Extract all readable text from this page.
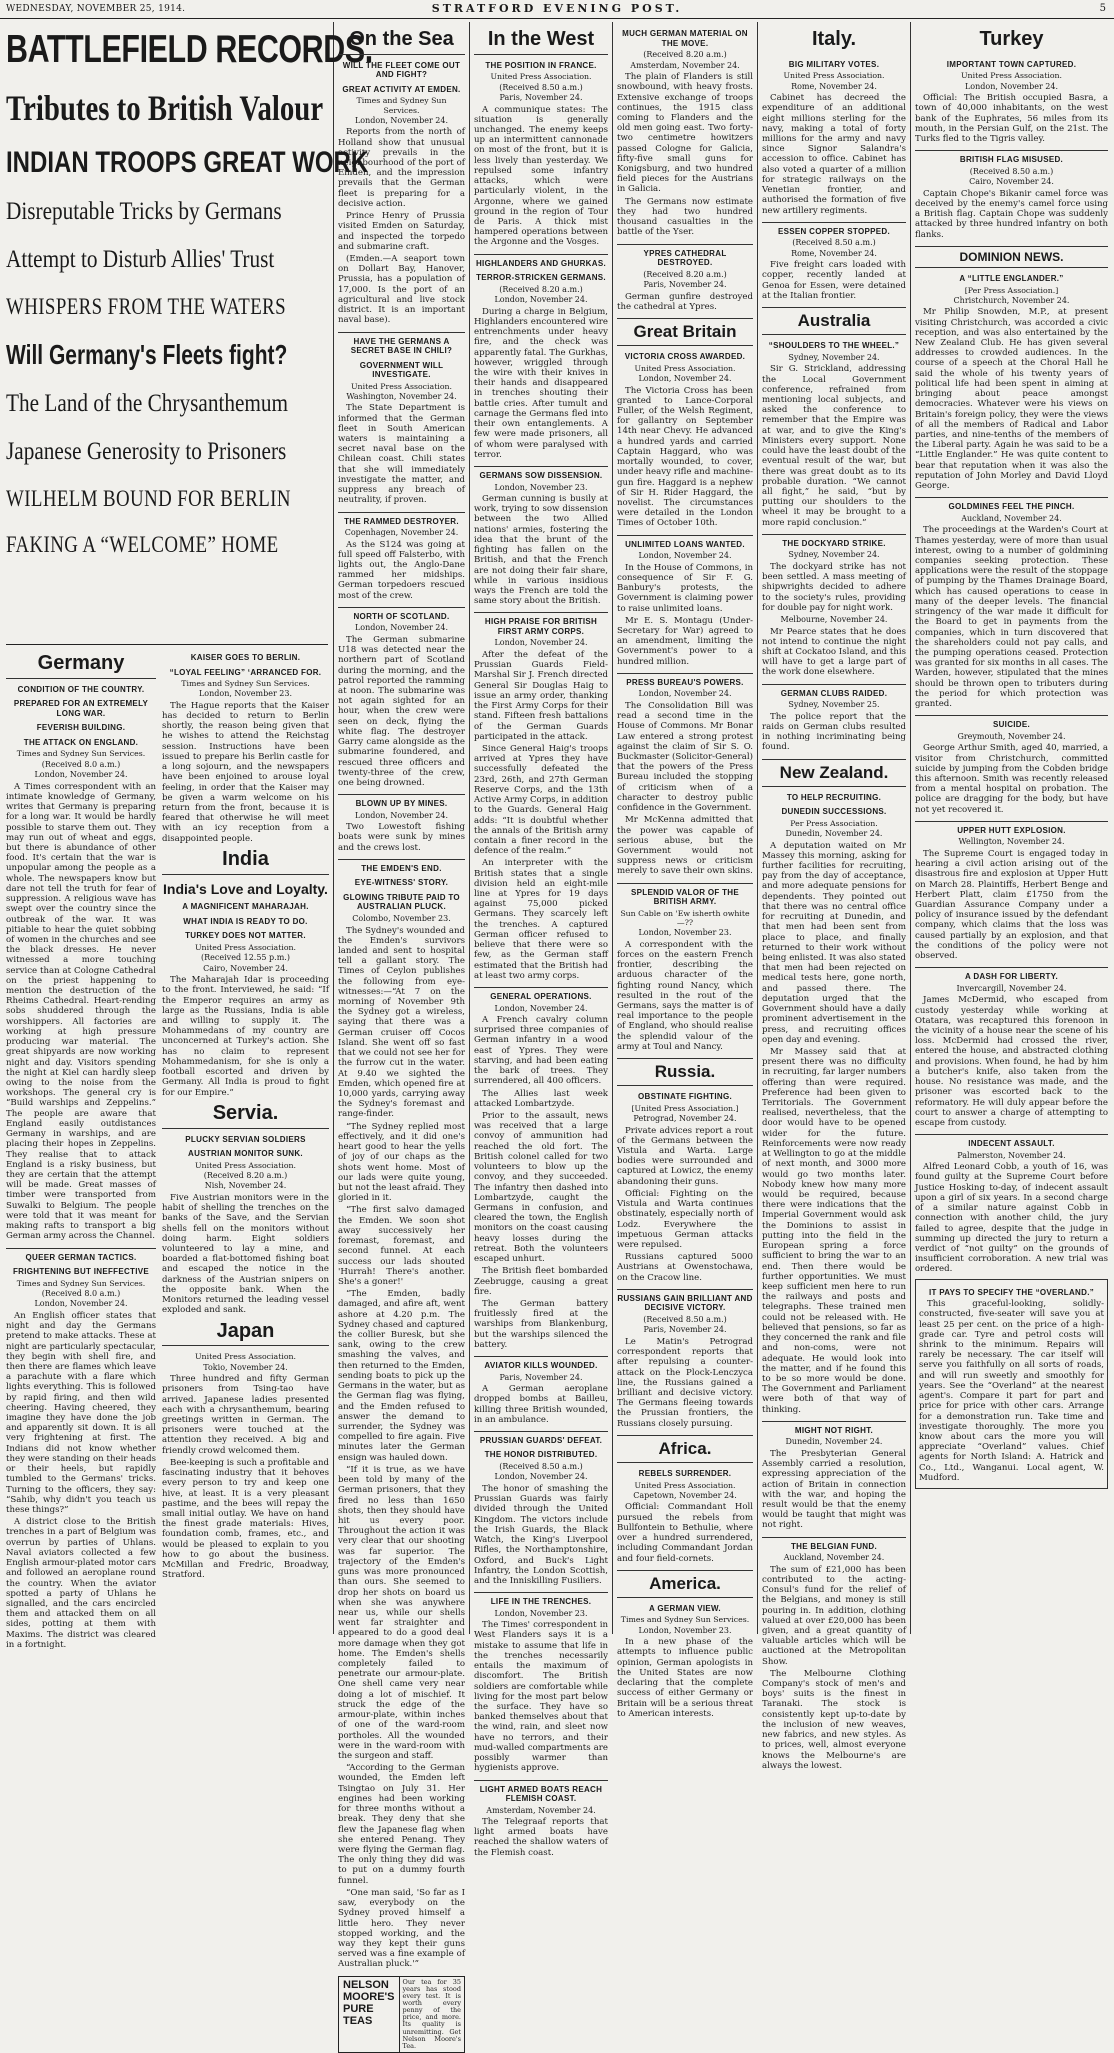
WEDNESDAY, NOVEMBER 25, 1914.	STRATFORD EVENING POST.	5
BATTLEFIELD RECORDS.
Tributes to British Valour
INDIAN TROOPS GREAT WORK
Disreputable Tricks by Germans
Attempt to Disturb Allies' Trust
WHISPERS FROM THE WATERS
Will Germany's Fleets fight?
The Land of the Chrysanthemum
Japanese Generosity to Prisoners
WILHELM BOUND FOR BERLIN
FAKING A “WELCOME” HOME
Germany
CONDITION OF THE COUNTRY.
PREPARED FOR AN EXTREMELY LONG WAR.
FEVERISH BUILDING.
THE ATTACK ON ENGLAND.
Times and Sydney Sun Services.
(Received 8.0 a.m.)
London, November 24.

A Times correspondent with an intimate knowledge of Germany, writes that Germany is preparing for a long war. It would be hardly possible to starve them out. They may run out of wheat and eggs, but there is abundance of other food. It's certain that the war is unpopular among the people as a whole. The newspapers know but dare not tell the truth for fear of suppression. A religious wave has swept over the country since the outbreak of the war. It was pitiable to hear the quiet sobbing of women in the churches and see the black dresses. He never witnessed a more touching service than at Cologne Cathedral on the priest happening to mention the destruction of the Rheims Cathedral. Heart-rending sobs shuddered through the worshippers. All factories are working at high pressure producing war material. The great shipyards are now working night and day. Visitors spending the night at Kiel can hardly sleep owing to the noise from the workshops. The general cry is “Build warships and Zeppelins.” The people are aware that England easily outdistances Germany in warships, and are placing their hopes in Zeppelins. They realise that to attack England is a risky business, but they are certain that the attempt will be made. Great masses of timber were transported from Suwalki to Belgium. The people were told that it was meant for making rafts to transport a big German army across the Channel.

QUEER GERMAN TACTICS.
FRIGHTENING BUT INEFFECTIVE
Times and Sydney Sun Services.
(Received 8.0 a.m.)
London, November 24.

An English officer states that night and day the Germans pretend to make attacks. These at night are particularly spectacular, they begin with shell fire, and then there are flames which leave a parachute with a flare which lights everything. This is followed by rapid firing, and then wild cheering. Having cheered, they imagine they have done the job and apparently sit down. It is all very frightening at first. The Indians did not know whether they were standing on their heads or their heels, but rapidly tumbled to the Germans' tricks. Turning to the officers, they say: “Sahib, why didn't you teach us these things?”

A district close to the British trenches in a part of Belgium was overrun by parties of Uhlans. Naval aviators collected a few English armour-plated motor cars and followed an aeroplane round the country. When the aviator spotted a party of Uhlans he signalled, and the cars encircled them and attacked them on all sides, potting at them with Maxims. The district was cleared in a fortnight.

KAISER GOES TO BERLIN.
“LOYAL FEELING” ‘ARRANCED FOR.
Times and Sydney Sun Services.
London, November 23.

The Hague reports that the Kaiser has decided to return to Berlin shortly, the reason being given that he wishes to attend the Reichstag session. Instructions have been issued to prepare his Berlin castle for a long sojourn, and the newspapers have been enjoined to arouse loyal feeling, in order that the Kaiser may be given a warm welcome on his return from the front, because it is feared that otherwise he will meet with an icy reception from a disappointed people.

India
India's Love and Loyalty.
A MAGNIFICENT MAHARAJAH.
WHAT INDIA IS READY TO DO.
TURKEY DOES NOT MATTER.
United Press Association.
(Received 12.55 p.m.)
Cairo, November 24.

The Maharajah Idar is proceeding to the front. Interviewed, he said: “If the Emperor requires an army as large as the Russians, India is able and willing to supply it. The Mohammedans of my country are unconcerned at Turkey's action. She has no claim to represent Mohammedanism, for she is only a football escorted and driven by Germany. All India is proud to fight for our Empire.”

Servia.
PLUCKY SERVIAN SOLDIERS
AUSTRIAN MONITOR SUNK.
United Press Association.
(Received 8.20 a.m.)
Nish, November 24.

Five Austrian monitors were in the habit of shelling the trenches on the banks of the Save, and the Servian shells fell on the monitors without doing harm. Eight soldiers volunteered to lay a mine, and boarded a flat-bottomed fishing boat and escaped the notice in the darkness of the Austrian snipers on the opposite bank. When the Monitors returned the leading vessel exploded and sank.

Japan
United Press Association.
Tokio, November 24.

Three hundred and fifty German prisoners from Tsing-tao have arrived. Japanese ladies presented each with a chrysanthemum, bearing greetings written in German. The prisoners were touched at the attention they received. A big and friendly crowd welcomed them.

Bee-keeping is such a profitable and fascinating industry that it behoves every person to try and keep one hive, at least. It is a very pleasant pastime, and the bees will repay the small initial outlay. We have on hand the finest grade materials: Hives, foundation comb, frames, etc., and would be pleased to explain to you how to go about the business. McMillan and Fredric, Broadway, Stratford.

On the Sea
WILL THE FLEET COME OUT AND FIGHT?
GREAT ACTIVITY AT EMDEN.
Times and Sydney Sun Services.
London, November 24.

Reports from the north of Holland show that unusual activity prevails in the neighbourhood of the port of Emden, and the impression prevails that the German fleet is preparing for a decisive action.

Prince Henry of Prussia visited Emden on Saturday, and inspected the torpedo and submarine craft.

(Emden.—A seaport town on Dollart Bay, Hanover, Prussia, has a population of 17,000. Is the port of an agricultural and live stock district. It is an important naval base).

HAVE THE GERMANS A SECRET BASE IN CHILI?
GOVERNMENT WILL INVESTIGATE.
United Press Association.
Washington, November 24.

The State Department is informed that the German fleet in South American waters is maintaining a secret naval base on the Chilean coast. Chili states that she will immediately investigate the matter, and suppress any breach of neutrality, if proven.

THE RAMMED DESTROYER.
Copenhagen, November 24.

As the S124 was going at full speed off Falsterbo, with lights out, the Anglo-Dane rammed her midships. German torpedoers rescued most of the crew.

NORTH OF SCOTLAND.
London, November 24.

The German submarine U18 was detected near the northern part of Scotland during the morning, and the patrol reported the ramming at noon. The submarine was not again sighted for an hour, when the crew were seen on deck, flying the white flag. The destroyer Garry came alongside as the submarine foundered, and rescued three officers and twenty-three of the crew, one being drowned.

BLOWN UP BY MINES.
London, November 24.

Two Lowestoft fishing boats were sunk by mines and the crews lost.

THE EMDEN'S END.
EYE-WITNESS' STORY.
GLOWING TRIBUTE PAID TO AUSTRALIAN PLUCK.
Colombo, November 23.

The Sydney's wounded and the Emden's survivors landed and sent to hospital tell a gallant story. The Times of Ceylon publishes the following from eye-witnesses:—“At 7 on the morning of November 9th the Sydney got a wireless, saying that there was a German cruiser off Cocos Island. She went off so fast that we could not see her for the furrow cut in the water. At 9.40 we sighted the Emden, which opened fire at 10,000 yards, carrying away the Sydney's foremast and range-finder.

“The Sydney replied most effectively, and it did one's heart good to hear the yells of joy of our chaps as the shots went home. Most of our lads were quite young, but not the least afraid. They gloried in it.

“The first salvo damaged the Emden. We soon shot away successively her foremast, foremast, and second funnel. At each success our lads shouted 'Hurrah! There's another. She's a goner!'

“The Emden, badly damaged, and afire aft, went ashore at 4.20 p.m. The Sydney chased and captured the collier Buresk, but she sank, owing to the crew smashing the valves, and then returned to the Emden, sending boats to pick up the Germans in the water, but as the German flag was flying, and the Emden refused to answer the demand to surrender, the Sydney was compelled to fire again. Five minutes later the German ensign was hauled down.

“If it is true, as we have been told by many of the German prisoners, that they fired no less than 1650 shots, then they should have hit us every poor. Throughout the action it was very clear that our shooting was far superior. The trajectory of the Emden's guns was more pronounced than ours. She seemed to drop her shots on board us when she was anywhere near us, while our shells went far straighter and appeared to do a good deal more damage when they got home. The Emden's shells completely failed to penetrate our armour-plate. One shell came very near doing a lot of mischief. It struck the edge of the armour-plate, within inches of one of the ward-room portholes. All the wounded were in the ward-room with the surgeon and staff.

“According to the German wounded, the Emden left Tsingtao on July 31. Her engines had been working for three months without a break. They deny that she flew the Japanese flag when she entered Penang. They were flying the German flag. The only thing they did was to put on a dummy fourth funnel.

“One man said, 'So far as I saw, everybody on the Sydney proved himself a little hero. They never stopped working, and the way they kept their guns served was a fine example of Australian pluck.'”

NELSON MOORE'S PURE TEAS
Our tea for 35 years has stood every test. It is worth every penny of the price, and more. Its quality is unremitting. Get Nelson Moore's Tea.
In the West
THE POSITION IN FRANCE.
United Press Association.
(Received 8.50 a.m.)
Paris, November 24.

A communique states: The situation is generally unchanged. The enemy keeps up an intermittent cannonade on most of the front, but it is less lively than yesterday. We repulsed some infantry attacks, which were particularly violent, in the Argonne, where we gained ground in the region of Tour de Paris. A thick mist hampered operations between the Argonne and the Vosges.

HIGHLANDERS AND GHURKAS.
TERROR-STRICKEN GERMANS.
(Received 8.20 a.m.)
London, November 24.

During a charge in Belgium, Highlanders encountered wire entrenchments under heavy fire, and the check was apparently fatal. The Gurkhas, however, wriggled through the wire with their knives in their hands and disappeared in trenches shouting their battle cries. After tumult and carnage the Germans fled into their own entanglements. A few were made prisoners, all of whom were paralysed with terror.

GERMANS SOW DISSENSION.
London, November 23.

German cunning is busily at work, trying to sow dissension between the two Allied nations' armies, fostering the idea that the brunt of the fighting has fallen on the British, and that the French are not doing their fair share, while in various insidious ways the French are told the same story about the British.

HIGH PRAISE FOR BRITISH FIRST ARMY CORPS.
London, November 24.

After the defeat of the Prussian Guards Field-Marshal Sir J. French directed General Sir Douglas Haig to issue an army order, thanking the First Army Corps for their stand. Fifteen fresh battalions of the German Guards participated in the attack.

Since General Haig's troops arrived at Ypres they have successfully defeated the 23rd, 26th, and 27th German Reserve Corps, and the 13th Active Army Corps, in addition to the Guards. General Haig adds: “It is doubtful whether the annals of the British army contain a finer record in the defence of the realm.”

An interpreter with the British states that a single division held an eight-mile line at Ypres for 19 days against 75,000 picked Germans. They scarcely left the trenches. A captured German officer refused to believe that there were so few, as the German staff estimated that the British had at least two army corps.

GENERAL OPERATIONS.
London, November 24.

A French cavalry column surprised three companies of German infantry in a wood east of Ypres. They were starving, and had been eating the bark of trees. They surrendered, all 400 officers.

The Allies last week attacked Lombartzyde.

Prior to the assault, news was received that a large convoy of ammunition had reached the old fort. The British colonel called for two volunteers to blow up the convoy, and they succeeded. The infantry then dashed into Lombartzyde, caught the Germans in confusion, and cleared the town, the English monitors on the coast causing heavy losses during the retreat. Both the volunteers escaped unhurt.

The British fleet bombarded Zeebrugge, causing a great fire.

The German battery fruitlessly fired at the warships from Blankenburg, but the warships silenced the battery.

AVIATOR KILLS WOUNDED.
Paris, November 24.

A German aeroplane dropped bombs at Bailleu, killing three British wounded, in an ambulance.

PRUSSIAN GUARDS' DEFEAT.
THE HONOR DISTRIBUTED.
(Received 8.50 a.m.)
London, November 24.

The honor of smashing the Prussian Guards was fairly divided through the United Kingdom. The victors include the Irish Guards, the Black Watch, the King's Liverpool Rifles, the Northamptonshire, Oxford, and Buck's Light Infantry, the London Scottish, and the Inniskilling Fusiliers.

LIFE IN THE TRENCHES.
London, November 23.

The Times' correspondent in West Flanders says it is a mistake to assume that life in the trenches necessarily entails the maximum of discomfort. The British soldiers are comfortable while living for the most part below the surface. They have so banked themselves about that the wind, rain, and sleet now have no terrors, and their mud-walled compartments are possibly warmer than hygienists approve.

LIGHT ARMED BOATS REACH FLEMISH COAST.
Amsterdam, November 24.

The Telegraaf reports that light armed boats have reached the shallow waters of the Flemish coast.

MUCH GERMAN MATERIAL ON THE MOVE.
(Received 8.20 a.m.)
Amsterdam, November 24.

The plain of Flanders is still snowbound, with heavy frosts. Extensive exchange of troops continues, the 1915 class coming to Flanders and the old men going east. Two forty-two centimetre howitzers passed Cologne for Galicia, fifty-five small guns for Konigsburg, and two hundred field pieces for the Austrians in Galicia.

The Germans now estimate they had two hundred thousand casualties in the battle of the Yser.

YPRES CATHEDRAL DESTROYED.
(Received 8.20 a.m.)
Paris, November 24.

German gunfire destroyed the cathedral at Ypres.

Great Britain
VICTORIA CROSS AWARDED.
United Press Association.
London, November 24.

The Victoria Cross has been granted to Lance-Corporal Fuller, of the Welsh Regiment, for gallantry on September 14th near Chevy. He advanced a hundred yards and carried Captain Haggard, who was mortally wounded, to cover, under heavy rifle and machine-gun fire. Haggard is a nephew of Sir H. Rider Haggard, the novelist. The circumstances were detailed in the London Times of October 10th.

UNLIMITED LOANS WANTED.
London, November 24.

In the House of Commons, in consequence of Sir F. G. Banbury's protests, the Government is claiming power to raise unlimited loans.

Mr E. S. Montagu (Under-Secretary for War) agreed to an amendment, limiting the Government's power to a hundred million.

PRESS BUREAU'S POWERS.
London, November 24.

The Consolidation Bill was read a second time in the House of Commons. Mr Bonar Law entered a strong protest against the claim of Sir S. O. Buckmaster (Solicitor-General) that the powers of the Press Bureau included the stopping of criticism when of a character to destroy public confidence in the Government.

Mr McKenna admitted that the power was capable of serious abuse, but the Government would not suppress news or criticism merely to save their own skins.

SPLENDID VALOR OF THE BRITISH ARMY.
Sun Cable on 'Ew isherth owhite—??
London, November 23.

A correspondent with the forces on the eastern French frontier, describing the arduous character of the fighting round Nancy, which resulted in the rout of the Germans, says the matter is of real importance to the people of England, who should realise the splendid valour of the army at Toul and Nancy.

Russia.
OBSTINATE FIGHTING.
[United Press Association.]
Petrograd, November 24.

Private advices report a rout of the Germans between the Vistula and Warta. Large bodies were surrounded and captured at Lowicz, the enemy abandoning their guns.

Official: Fighting on the Vistula and Warta continues obstinately, especially north of Lodz. Everywhere the impetuous German attacks were repulsed.

Russians captured 5000 Austrians at Owenstochawa, on the Cracow line.

RUSSIANS GAIN BRILLIANT AND DECISIVE VICTORY.
(Received 8.50 a.m.)
Paris, November 24.

Le Matin's Petrograd correspondent reports that after repulsing a counter-attack on the Plock-Lenczyca line, the Russians gained a brilliant and decisive victory. The Germans fleeing towards the Prussian frontiers, the Russians closely pursuing.

Africa.
REBELS SURRENDER.
United Press Association.
Capetown, November 24.

Official: Commandant Holl pursued the rebels from Bullfontein to Bethulie, where over a hundred surrendered, including Commandant Jordan and four field-cornets.

America.
A GERMAN VIEW.
Times and Sydney Sun Services.
London, November 23.

In a new phase of the attempts to influence public opinion, German apologists in the United States are now declaring that the complete success of either Germany or Britain will be a serious threat to American interests.

Italy.
BIG MILITARY VOTES.
United Press Association.
Rome, November 24.

Cabinet has decreed the expenditure of an additional eight millions sterling for the navy, making a total of forty millions for the army and navy since Signor Salandra's accession to office. Cabinet has also voted a quarter of a million for strategic railways on the Venetian frontier, and authorised the formation of five new artillery regiments.

ESSEN COPPER STOPPED.
(Received 8.50 a.m.)
Rome, November 24.

Five freight cars loaded with copper, recently landed at Genoa for Essen, were detained at the Italian frontier.

Australia
“SHOULDERS TO THE WHEEL.”
Sydney, November 24.

Sir G. Strickland, addressing the Local Government conference, refrained from mentioning local subjects, and asked the conference to remember that the Empire was at war, and to give the King's Ministers every support. None could have the least doubt of the eventual result of the war, but there was great doubt as to its probable duration. “We cannot all fight,” he said, “but by putting our shoulders to the wheel it may be brought to a more rapid conclusion.”

THE DOCKYARD STRIKE.
Sydney, November 24.

The dockyard strike has not been settled. A mass meeting of shipwrights decided to adhere to the society's rules, providing for double pay for night work.

Melbourne, November 24.

Mr Pearce states that he does not intend to continue the night shift at Cockatoo Island, and this will have to get a large part of the work done elsewhere.

GERMAN CLUBS RAIDED.
Sydney, November 25.

The police report that the raids on German clubs resulted in nothing incriminating being found.

New Zealand.
TO HELP RECRUITING.
DUNEDIN SUCCESSIONS.
Per Press Association.
Dunedin, November 24.

A deputation waited on Mr Massey this morning, asking for further facilities for recruiting, pay from the day of acceptance, and more adequate pensions for dependents. They pointed out that there was no central office for recruiting at Dunedin, and that men had been sent from place to place, and finally returned to their work without being enlisted. It was also stated that men had been rejected on medical tests here, gone north, and passed there. The deputation urged that the Government should have a daily prominent advertisement in the press, and recruiting offices open day and evening.

Mr Massey said that at present there was no difficulty in recruiting, far larger numbers offering than were required. Preference had been given to Territorials. The Government realised, nevertheless, that the door would have to be opened wider for the future. Reinforcements were now ready at Wellington to go at the middle of next month, and 3000 more would go two months later. Nobody knew how many more would be required, because there were indications that the Imperial Government would ask the Dominions to assist in putting into the field in the European spring a force sufficient to bring the war to an end. Then there would be further opportunities. We must keep sufficient men here to run the railways and posts and telegraphs. These trained men could not be released with. He believed that pensions, so far as they concerned the rank and file and non-coms, were not adequate. He would look into the matter, and if he found this to be so more would be done. The Government and Parliament were both of that way of thinking.

MIGHT NOT RIGHT.
Dunedin, November 24.

The Presbyterian General Assembly carried a resolution, expressing appreciation of the action of Britain in connection with the war, and hoping the result would be that the enemy would be taught that might was not right.

THE BELGIAN FUND.
Auckland, November 24.

The sum of £21,000 has been contributed to the acting-Consul's fund for the relief of the Belgians, and money is still pouring in. In addition, clothing valued at over £20,000 has been given, and a great quantity of valuable articles which will be auctioned at the Metropolitan Show.

The Melbourne Clothing Company's stock of men's and boys' suits is the finest in Taranaki. The stock is consistently kept up-to-date by the inclusion of new weaves, new fabrics, and new styles. As to prices, well, almost everyone knows the Melbourne's are always the lowest.

Turkey
IMPORTANT TOWN CAPTURED.
United Press Association.
London, November 24.

Official: The British occupied Basra, a town of 40,000 inhabitants, on the west bank of the Euphrates, 56 miles from its mouth, in the Persian Gulf, on the 21st. The Turks fled to the Tigris valley.

BRITISH FLAG MISUSED.
(Received 8.50 a.m.)
Cairo, November 24.

Captain Chope's Bikanir camel force was deceived by the enemy's camel force using a British flag. Captain Chope was suddenly attacked by three hundred infantry on both flanks.

DOMINION NEWS.
A “LITTLE ENGLANDER.”
[Per Press Association.]
Christchurch, November 24.

Mr Philip Snowden, M.P., at present visiting Christchurch, was accorded a civic reception, and was also entertained by the New Zealand Club. He has given several addresses to crowded audiences. In the course of a speech at the Choral Hall he said the whole of his twenty years of political life had been spent in aiming at bringing about peace amongst democracies. Whatever were his views on Britain's foreign policy, they were the views of all the members of Radical and Labor parties, and nine-tenths of the members of the Liberal party. Again he was said to be a “Little Englander.” He was quite content to bear that reputation when it was also the reputation of John Morley and David Lloyd George.

GOLDMINES FEEL THE PINCH.
Auckland, November 24.

The proceedings at the Warden's Court at Thames yesterday, were of more than usual interest, owing to a number of goldmining companies seeking protection. These applications were the result of the stoppage of pumping by the Thames Drainage Board, which has caused operations to cease in many of the deeper levels. The financial stringency of the war made it difficult for the Board to get in payments from the companies, which in turn discovered that the shareholders could not pay calls, and the pumping operations ceased. Protection was granted for six months in all cases. The Warden, however, stipulated that the mines should be thrown open to tributers during the period for which protection was granted.

SUICIDE.
Greymouth, November 24.

George Arthur Smith, aged 40, married, a visitor from Christchurch, committed suicide by jumping from the Cobden bridge this afternoon. Smith was recently released from a mental hospital on probation. The police are dragging for the body, but have not yet recovered it.

UPPER HUTT EXPLOSION.
Wellington, November 24.

The Supreme Court is engaged today in hearing a civil action arising out of the disastrous fire and explosion at Upper Hutt on March 28. Plaintiffs, Herbert Benge and Herbert Platt, claim £1750 from the Guardian Assurance Company under a policy of insurance issued by the defendant company, which claims that the loss was caused partially by an explosion, and that the conditions of the policy were not observed.

A DASH FOR LIBERTY.
Invercargill, November 24.

James McDermid, who escaped from custody yesterday while working at Otatara, was recaptured this forenoon in the vicinity of a house near the scene of his loss. McDermid had crossed the river, entered the house, and abstracted clothing and provisions. When found, he had by him a butcher's knife, also taken from the house. No resistance was made, and the prisoner was escorted back to the reformatory. He will duly appear before the court to answer a charge of attempting to escape from custody.

INDECENT ASSAULT.
Palmerston, November 24.

Alfred Leonard Cobb, a youth of 16, was found guilty at the Supreme Court before Justice Hosking to-day, of indecent assault upon a girl of six years. In a second charge of a similar nature against Cobb in connection with another child, the jury failed to agree, despite that the judge in summing up directed the jury to return a verdict of “not guilty” on the grounds of insufficient corroboration. A new trial was ordered.

IT PAYS TO SPECIFY THE “OVERLAND.”

This graceful-looking, solidly-constructed, five-seater will save you at least 25 per cent. on the price of a high-grade car. Tyre and petrol costs will shrink to the minimum. Repairs will rarely be necessary. The car itself will serve you faithfully on all sorts of roads, and will run sweetly and smoothly for years. See the “Overland” at the nearest agent's. Compare it part for part and price for price with other cars. Arrange for a demonstration run. Take time and investigate thoroughly. The more you know about cars the more you will appreciate “Overland” values. Chief agents for North Island: A. Hatrick and Co., Ltd., Wanganui. Local agent, W. Mudford.
